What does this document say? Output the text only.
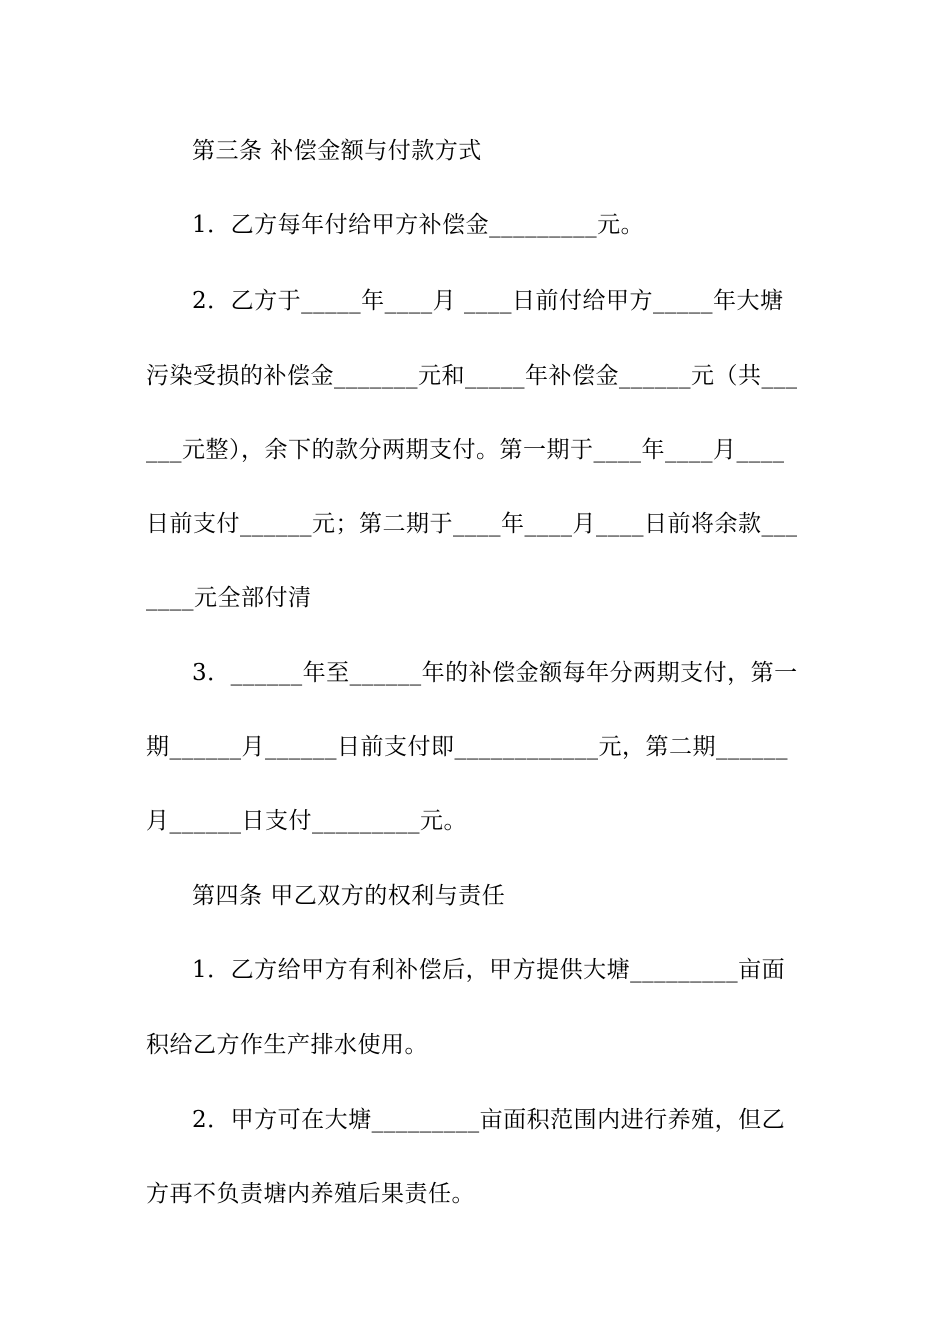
第三条 补偿金额与付款方式
1．乙方每年付给甲方补偿金_________元。
2．乙方于_____年____月 ____日前付给甲方_____年大塘
污染受损的补偿金_______元和_____年补偿金______元（共___
___元整），余下的款分两期支付。第一期于____年____月____
日前支付______元；第二期于____年____月____日前将余款___
____元全部付清
3．______年至______年的补偿金额每年分两期支付，第一
期______月______日前支付即____________元，第二期______
月______日支付_________元。
第四条 甲乙双方的权利与责任
1．乙方给甲方有利补偿后，甲方提供大塘_________亩面
积给乙方作生产排水使用。
2．甲方可在大塘_________亩面积范围内进行养殖，但乙
方再不负责塘内养殖后果责任。
